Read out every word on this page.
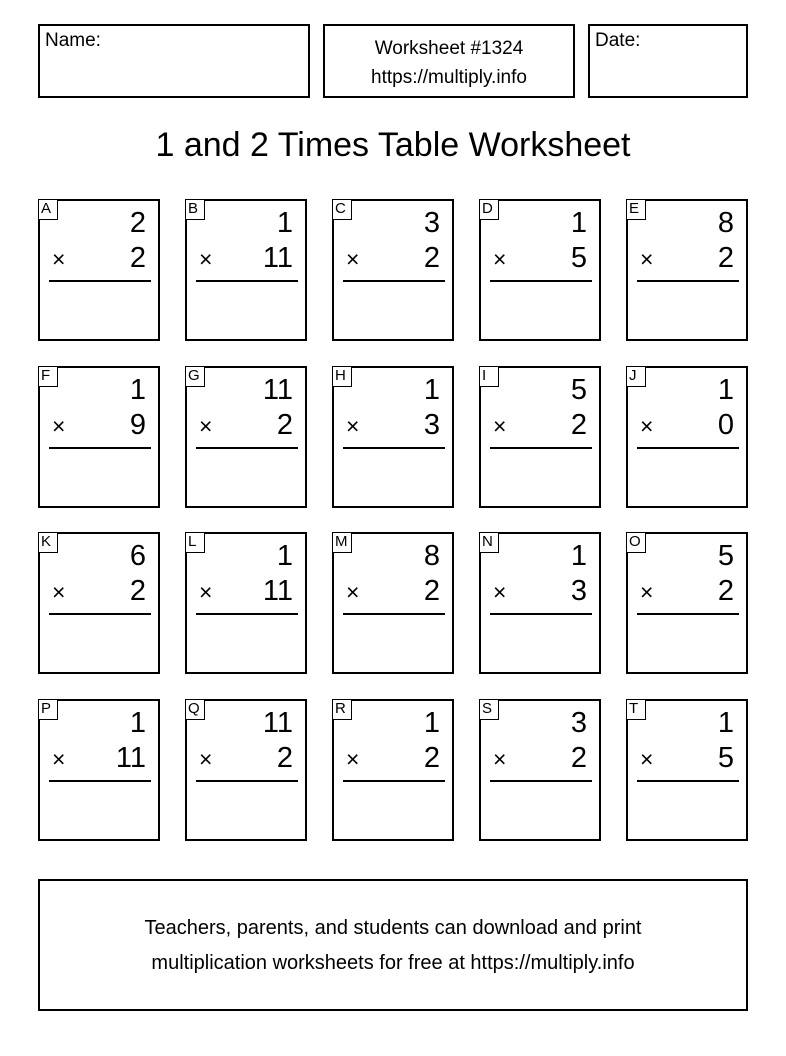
Name:	Worksheet #1324
https://multiply.info
Date:
1 and 2 Times Table Worksheet
A	2
× 2
B	1
× 11
C	3
× 2
D	1
× 5
E	8
× 2
F	1
× 9
G 11
× 2
H	1
× 3
I	5
× 2
J	1
× 0
K	6
× 2
L	1
× 11
M	8
× 2
N	1
× 3
O	5
× 2
P	1
× 11
Q 11
× 2
R	1
× 2
S	3
× 2
T	1
× 5
Teachers, parents, and students can download and print
multiplication worksheets for free at https://multiply.info
